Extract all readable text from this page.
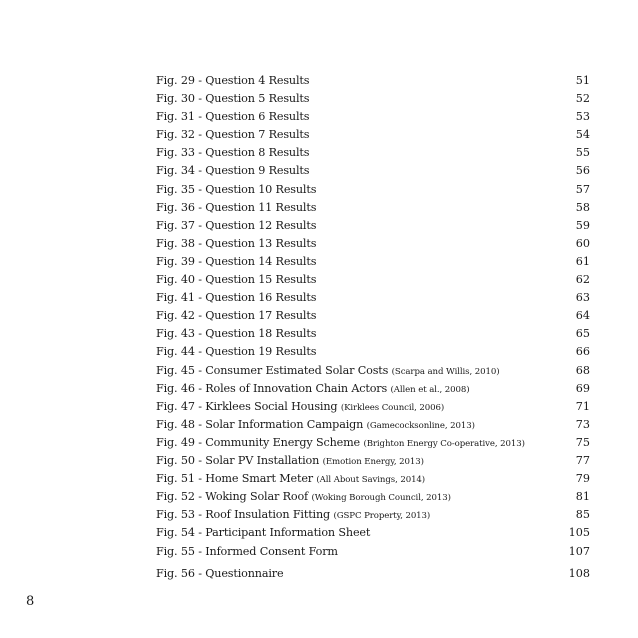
Fig. 29 - Question 4 Results	51
Fig. 30 - Question 5 Results	52
Fig. 31 - Question 6 Results	53
Fig. 32 - Question 7 Results	54
Fig. 33 - Question 8 Results	55
Fig. 34 - Question 9 Results	56
Fig. 35 - Question 10 Results	57
Fig. 36 - Question 11 Results	58
Fig. 37 - Question 12 Results	59
Fig. 38 - Question 13 Results	60
Fig. 39 - Question 14 Results	61
Fig. 40 - Question 15 Results	62
Fig. 41 - Question 16 Results	63
Fig. 42 - Question 17 Results	64
Fig. 43 - Question 18 Results	65
Fig. 44 - Question 19 Results	66
Fig. 45 - Consumer Estimated Solar Costs (Scarpa and Willis, 2010)	68
Fig. 46 - Roles of Innovation Chain Actors (Allen et al., 2008)	69
Fig. 47 - Kirklees Social Housing (Kirklees Council, 2006)	71
Fig. 48 - Solar Information Campaign (Gamecocksonline, 2013)	73
Fig. 49 - Community Energy Scheme (Brighton Energy Co-operative, 2013)	75
Fig. 50 - Solar PV Installation (Emotion Energy, 2013)	77
Fig. 51 - Home Smart Meter (All About Savings, 2014)	79
Fig. 52 - Woking Solar Roof (Woking Borough Council, 2013)	81
Fig. 53 - Roof Insulation Fitting (GSPC Property, 2013)	85
Fig. 54 - Participant Information Sheet	105
Fig. 55 - Informed Consent Form	107
Fig. 56 - Questionnaire	108
8
